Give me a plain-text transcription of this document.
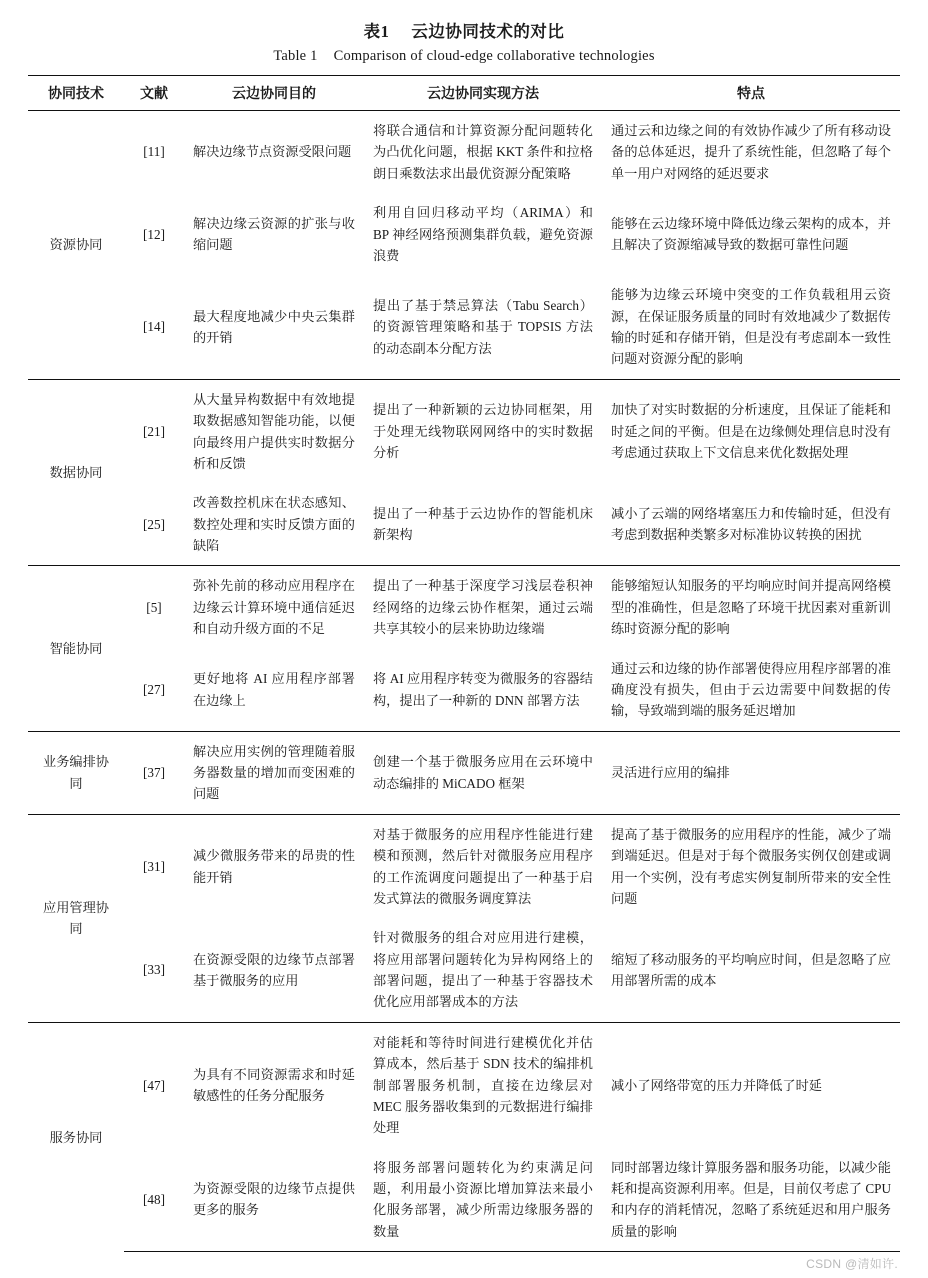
表1 云边协同技术的对比
Table 1 Comparison of cloud-edge collaborative technologies
协同技术	文献	云边协同目的	云边协同实现方法	特点
资源协同	[11]	解决边缘节点资源受限问题	将联合通信和计算资源分配问题转化为凸优化问题，根据 KKT 条件和拉格朗日乘数法求出最优资源分配策略	通过云和边缘之间的有效协作减少了所有移动设备的总体延迟，提升了系统性能，但忽略了每个单一用户对网络的延迟要求
	[12]	解决边缘云资源的扩张与收缩问题	利用自回归移动平均（ARIMA）和 BP 神经网络预测集群负载，避免资源浪费	能够在云边缘环境中降低边缘云架构的成本，并且解决了资源缩减导致的数据可靠性问题
	[14]	最大程度地减少中央云集群的开销	提出了基于禁忌算法（Tabu Search）的资源管理策略和基于 TOPSIS 方法的动态副本分配方法	能够为边缘云环境中突变的工作负载租用云资源，在保证服务质量的同时有效地减少了数据传输的时延和存储开销，但是没有考虑副本一致性问题对资源分配的影响
数据协同	[21]	从大量异构数据中有效地提取数据感知智能功能，以便向最终用户提供实时数据分析和反馈	提出了一种新颖的云边协同框架，用于处理无线物联网网络中的实时数据分析	加快了对实时数据的分析速度，且保证了能耗和时延之间的平衡。但是在边缘侧处理信息时没有考虑通过获取上下文信息来优化数据处理
	[25]	改善数控机床在状态感知、数控处理和实时反馈方面的缺陷	提出了一种基于云边协作的智能机床新架构	减小了云端的网络堵塞压力和传输时延，但没有考虑到数据种类繁多对标准协议转换的困扰
智能协同	[5]	弥补先前的移动应用程序在边缘云计算环境中通信延迟和自动升级方面的不足	提出了一种基于深度学习浅层卷积神经网络的边缘云协作框架，通过云端共享其较小的层来协助边缘端	能够缩短认知服务的平均响应时间并提高网络模型的准确性，但是忽略了环境干扰因素对重新训练时资源分配的影响
	[27]	更好地将 AI 应用程序部署在边缘上	将 AI 应用程序转变为微服务的容器结构，提出了一种新的 DNN 部署方法	通过云和边缘的协作部署使得应用程序部署的准确度没有损失，但由于云边需要中间数据的传输，导致端到端的服务延迟增加
业务编排协同	[37]	解决应用实例的管理随着服务器数量的增加而变困难的问题	创建一个基于微服务应用在云环境中动态编排的 MiCADO 框架	灵活进行应用的编排
应用管理协同	[31]	减少微服务带来的昂贵的性能开销	对基于微服务的应用程序性能进行建模和预测，然后针对微服务应用程序的工作流调度问题提出了一种基于启发式算法的微服务调度算法	提高了基于微服务的应用程序的性能，减少了端到端延迟。但是对于每个微服务实例仅创建或调用一个实例，没有考虑实例复制所带来的安全性问题
	[33]	在资源受限的边缘节点部署基于微服务的应用	针对微服务的组合对应用进行建模，将应用部署问题转化为异构网络上的部署问题，提出了一种基于容器技术优化应用部署成本的方法	缩短了移动服务的平均响应时间，但是忽略了应用部署所需的成本
服务协同	[47]	为具有不同资源需求和时延敏感性的任务分配服务	对能耗和等待时间进行建模优化并估算成本，然后基于 SDN 技术的编排机制部署服务机制，直接在边缘层对 MEC 服务器收集到的元数据进行编排处理	减小了网络带宽的压力并降低了时延
	[48]	为资源受限的边缘节点提供更多的服务	将服务部署问题转化为约束满足问题，利用最小资源比增加算法来最小化服务部署，减少所需边缘服务器的数量	同时部署边缘计算服务器和服务功能，以减少能耗和提高资源利用率。但是，目前仅考虑了 CPU 和内存的消耗情况，忽略了系统延迟和用户服务质量的影响
CSDN @清如许.
